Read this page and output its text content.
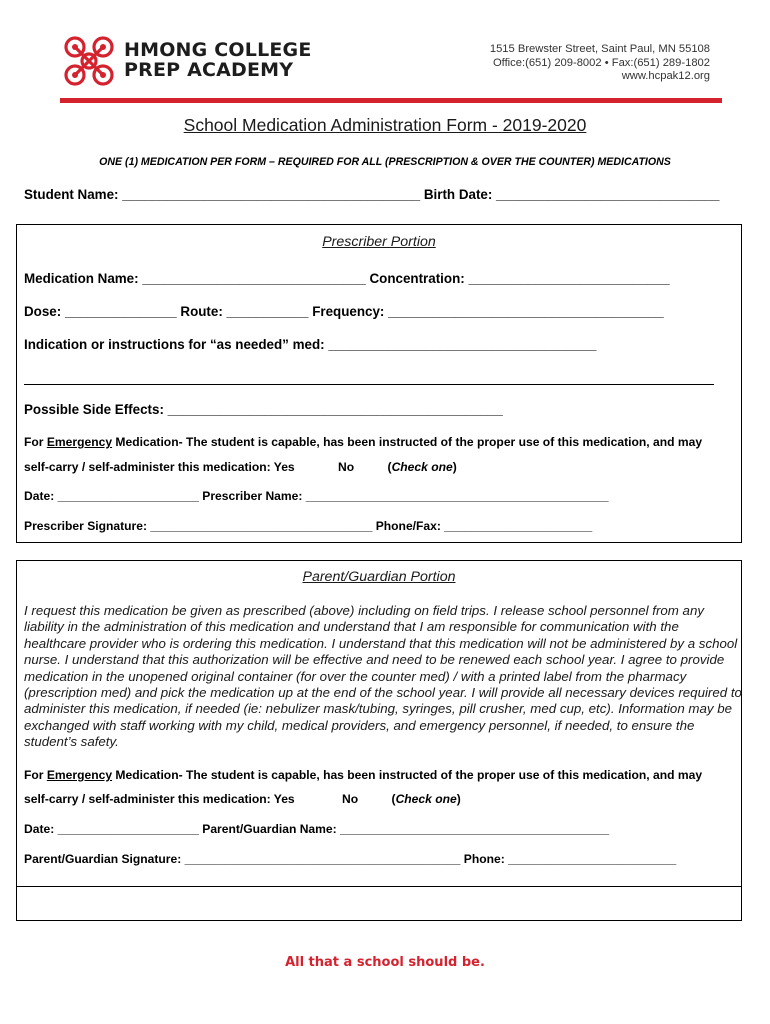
HMONG COLLEGE
PREP ACADEMY
1515 Brewster Street, Saint Paul, MN 55108
Office:(651) 209-8002 • Fax:(651) 289-1802
www.hcpak12.org
School Medication Administration Form - 2019-2020
ONE (1) MEDICATION PER FORM – REQUIRED FOR ALL (PRESCRIPTION & OVER THE COUNTER) MEDICATIONS
Student Name: ________________________________________ Birth Date: ______________________________
Prescriber Portion
Medication Name: ______________________________ Concentration: ___________________________
Dose: _______________ Route: ___________ Frequency: _____________________________________
Indication or instructions for “as needed” med: ____________________________________
Possible Side Effects: _____________________________________________
For Emergency Medication- The student is capable, has been instructed of the proper use of this medication, and may
self-carry / self-administer this medication: Yes	No	(Check one)
Date: _____________________ Prescriber Name: _____________________________________________
Prescriber Signature: _________________________________ Phone/Fax: ______________________
Parent/Guardian Portion
I request this medication be given as prescribed (above) including on field trips. I release school personnel from any liability in the administration of this medication and understand that I am responsible for communication with the healthcare provider who is ordering this medication. I understand that this medication will not be administered by a school nurse. I understand that this authorization will be effective and need to be renewed each school year. I agree to provide medication in the unopened original container (for over the counter med) / with a printed label from the pharmacy (prescription med) and pick the medication up at the end of the school year. I will provide all necessary devices required to administer this medication, if needed (ie: nebulizer mask/tubing, syringes, pill crusher, med cup, etc). Information may be exchanged with staff working with my child, medical providers, and emergency personnel, if needed, to ensure the student’s safety.
For Emergency Medication- The student is capable, has been instructed of the proper use of this medication, and may
self-carry / self-administer this medication: Yes	No	(Check one)
Date: _____________________ Parent/Guardian Name: ________________________________________
Parent/Guardian Signature: _________________________________________ Phone: _________________________
All that a school should be.
